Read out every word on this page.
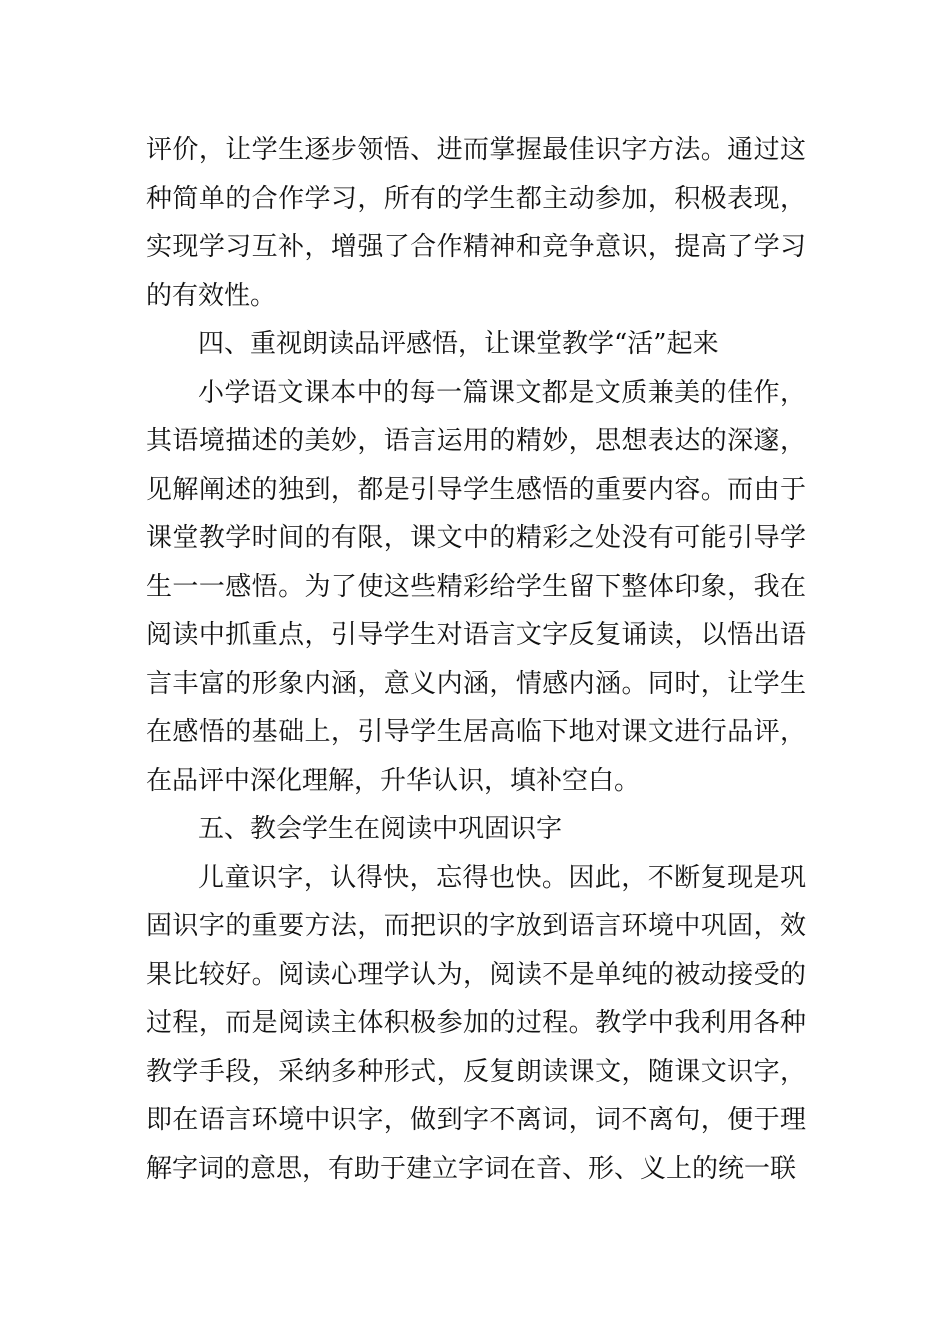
评价，让学生逐步领悟、进而掌握最佳识字方法。通过这种简单的合作学习，所有的学生都主动参加，积极表现，实现学习互补，增强了合作精神和竞争意识，提高了学习的有效性。

四、重视朗读品评感悟，让课堂教学“活”起来

小学语文课本中的每一篇课文都是文质兼美的佳作，其语境描述的美妙，语言运用的精妙，思想表达的深邃，见解阐述的独到，都是引导学生感悟的重要内容。而由于课堂教学时间的有限，课文中的精彩之处没有可能引导学生一一感悟。为了使这些精彩给学生留下整体印象，我在阅读中抓重点，引导学生对语言文字反复诵读，以悟出语言丰富的形象内涵，意义内涵，情感内涵。同时，让学生在感悟的基础上，引导学生居高临下地对课文进行品评，在品评中深化理解，升华认识，填补空白。

五、教会学生在阅读中巩固识字

儿童识字，认得快，忘得也快。因此，不断复现是巩固识字的重要方法，而把识的字放到语言环境中巩固，效果比较好。阅读心理学认为，阅读不是单纯的被动接受的过程，而是阅读主体积极参加的过程。教学中我利用各种教学手段，采纳多种形式，反复朗读课文，随课文识字，即在语言环境中识字，做到字不离词，词不离句，便于理解字词的意思，有助于建立字词在音、形、义上的统一联
